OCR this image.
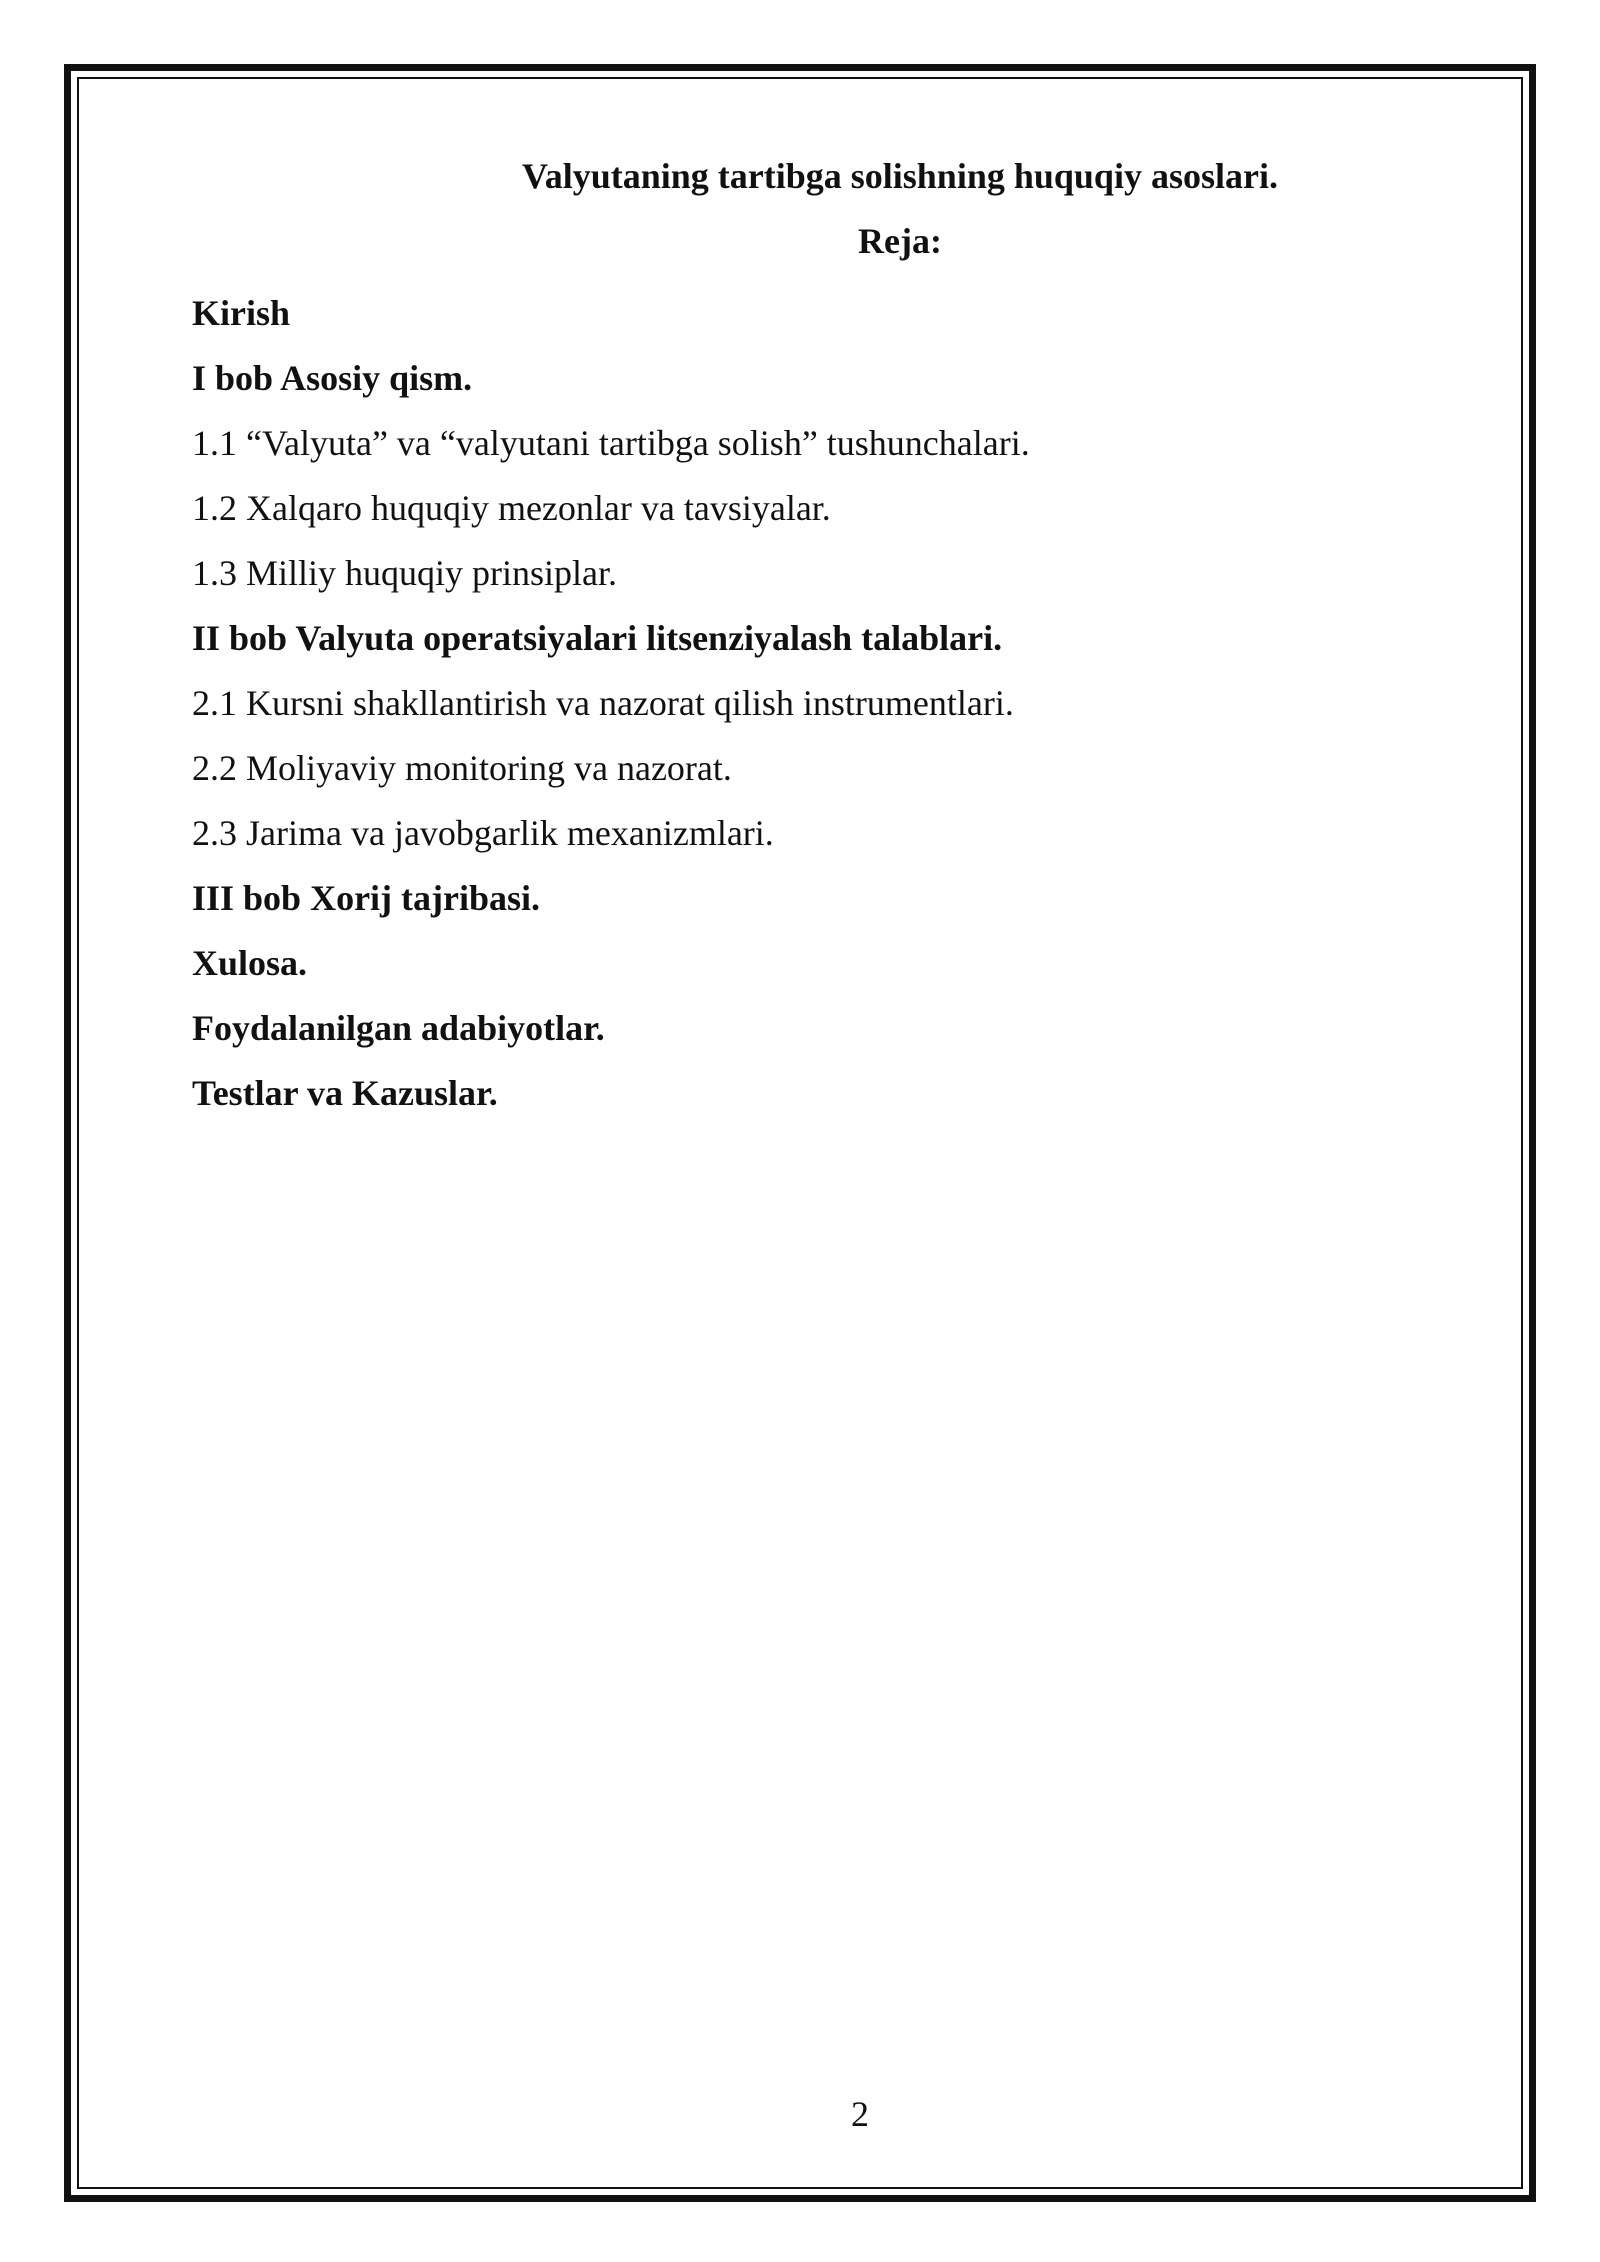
Valyutaning tartibga solishning huquqiy asoslari.
Reja:
Kirish
I bob Asosiy qism.
1.1 “Valyuta” va “valyutani tartibga solish” tushunchalari.
1.2 Xalqaro huquqiy mezonlar va tavsiyalar.
1.3 Milliy huquqiy prinsiplar.
II bob Valyuta operatsiyalari litsenziyalash talablari.
2.1 Kursni shakllantirish va nazorat qilish instrumentlari.
2.2 Moliyaviy monitoring va nazorat.
2.3 Jarima va javobgarlik mexanizmlari.
III bob Xorij tajribasi.
Xulosa.
Foydalanilgan adabiyotlar.
Testlar va Kazuslar.
2
